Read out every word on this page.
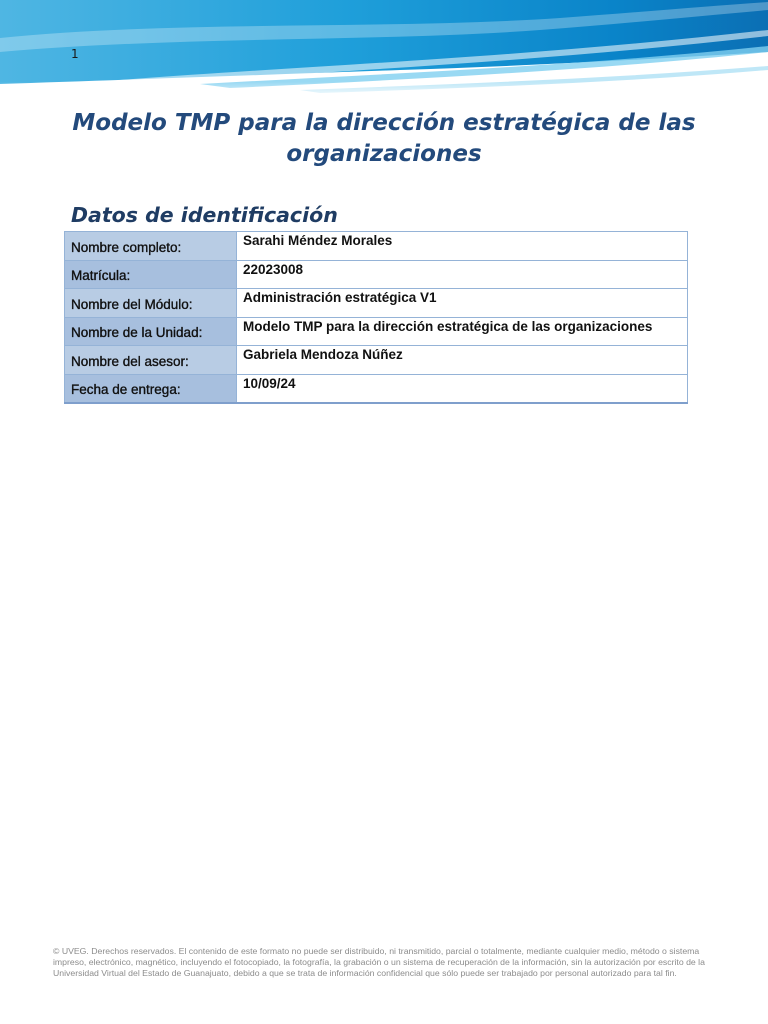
1
Modelo TMP para la dirección estratégica de las organizaciones
Datos de identificación
Nombre completo:	Sarahi Méndez Morales
Matrícula:	22023008
Nombre del Módulo:	Administración estratégica V1
Nombre de la Unidad:	Modelo TMP para la dirección estratégica de las organizaciones
Nombre del asesor:	Gabriela Mendoza Núñez
Fecha de entrega:	10/09/24
© UVEG. Derechos reservados. El contenido de este formato no puede ser distribuido, ni transmitido, parcial o totalmente, mediante cualquier medio, método o sistema impreso, electrónico, magnético, incluyendo el fotocopiado, la fotografía, la grabación o un sistema de recuperación de la información, sin la autorización por escrito de la Universidad Virtual del Estado de Guanajuato, debido a que se trata de información confidencial que sólo puede ser trabajado por personal autorizado para tal fin.
